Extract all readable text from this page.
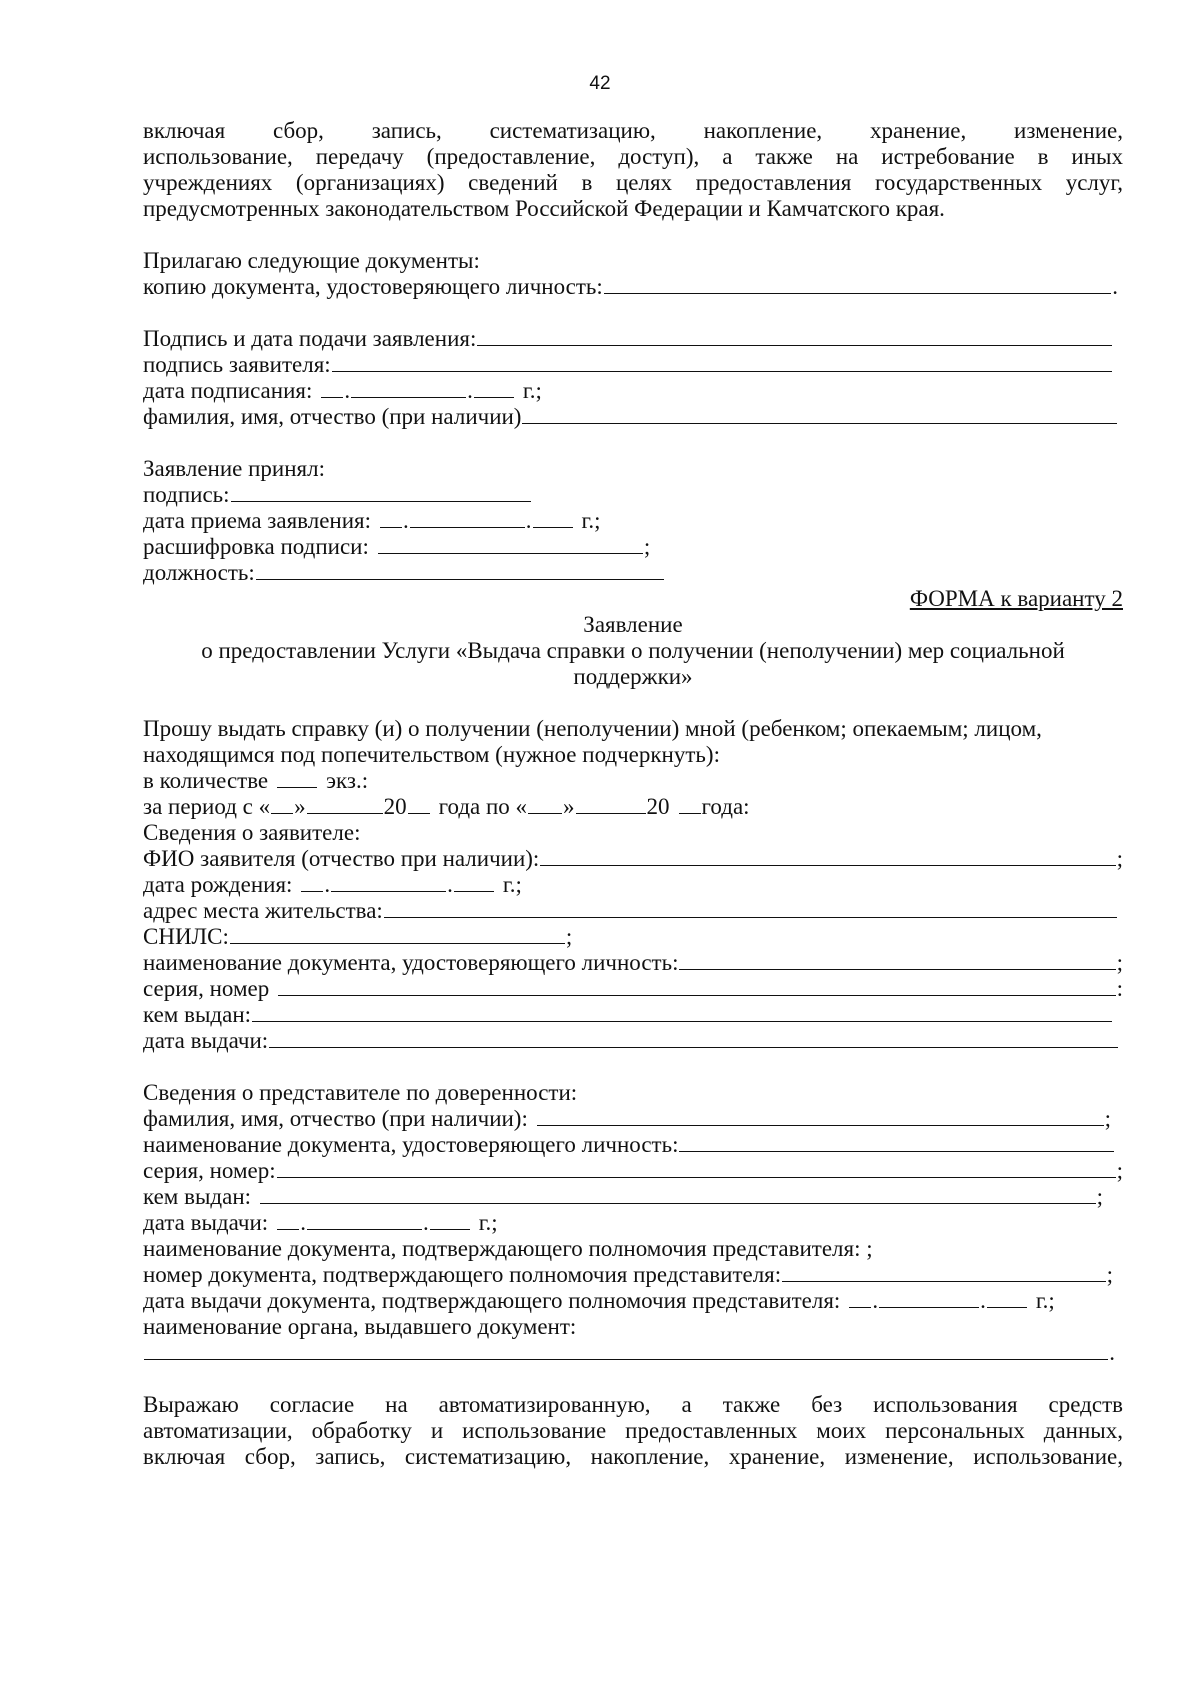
42
включая сбор, запись, систематизацию, накопление, хранение, изменение,
использование, передачу (предоставление, доступ), а также на истребование в иных
учреждениях (организациях) сведений в целях предоставления государственных услуг,
предусмотренных законодательством Российской Федерации и Камчатского края.
Прилагаю следующие документы:
копию документа, удостоверяющего личность:	.
Подпись и дата подачи заявления:
подпись заявителя:
дата подписания: .	. г.;
фамилия, имя, отчество (при наличии)
Заявление принял:
подпись:
дата приема заявления: .	. г.;
расшифровка подписи:	;
должность:
ФОРМА к варианту 2
Заявление
о предоставлении Услуги «Выдача справки о получении (неполучении) мер социальной
поддержки»
Прошу выдать справку (и) о получении (неполучении) мной (ребенком; опекаемым; лицом,
находящимся под попечительством (нужное подчеркнуть):
в количестве	экз.:
за период с « »	20 года по « »	20 года:
Сведения о заявителе:
ФИО заявителя (отчество при наличии):	;
дата рождения: .	. г.;
адрес места жительства:
СНИЛС:	;
наименование документа, удостоверяющего личность:	;
серия, номер	:
кем выдан:
дата выдачи:
Сведения о представителе по доверенности:
фамилия, имя, отчество (при наличии):	;
наименование документа, удостоверяющего личность:
серия, номер:	;
кем выдан:	;
дата выдачи: .	. г.;
наименование документа, подтверждающего полномочия представителя: ;
номер документа, подтверждающего полномочия представителя:	;
дата выдачи документа, подтверждающего полномочия представителя: .	. г.;
наименование органа, выдавшего документ:
.
Выражаю согласие на автоматизированную, а также без использования средств
автоматизации, обработку и использование предоставленных моих персональных данных,
включая сбор, запись, систематизацию, накопление, хранение, изменение, использование,
